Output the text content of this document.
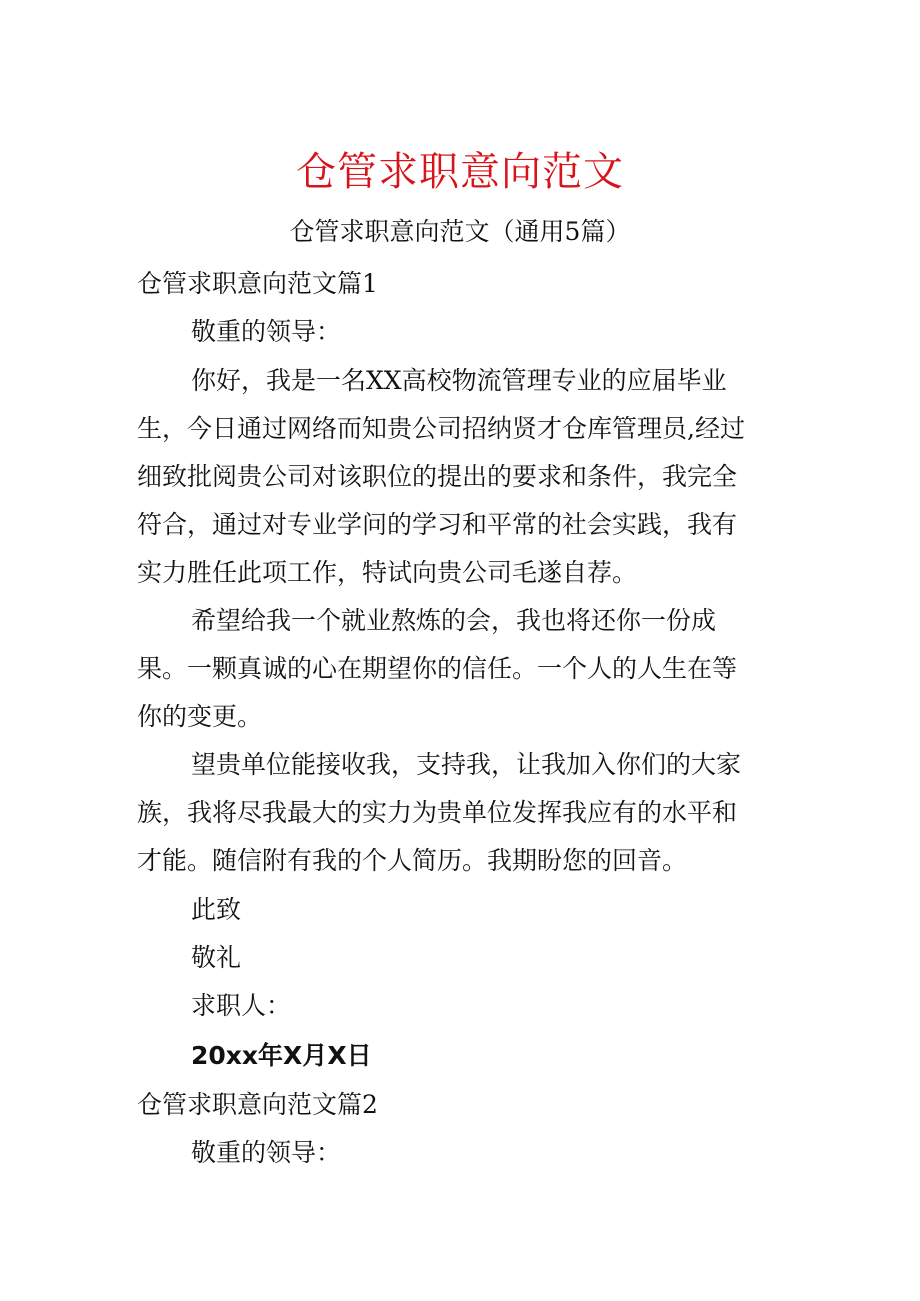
仓管求职意向范文
仓管求职意向范文（通用5篇）
仓管求职意向范文篇1
敬重的领导：
你好，我是一名XX高校物流管理专业的应届毕业
生，今日通过网络而知贵公司招纳贤才仓库管理员,经过
细致批阅贵公司对该职位的提出的要求和条件，我完全
符合，通过对专业学问的学习和平常的社会实践，我有
实力胜任此项工作，特试向贵公司毛遂自荐。
希望给我一个就业熬炼的会，我也将还你一份成
果。一颗真诚的心在期望你的信任。一个人的人生在等
你的变更。
望贵单位能接收我，支持我，让我加入你们的大家
族，我将尽我最大的实力为贵单位发挥我应有的水平和
才能。随信附有我的个人简历。我期盼您的回音。
此致
敬礼
求职人：
20xx年X月X日
仓管求职意向范文篇2
敬重的领导：
